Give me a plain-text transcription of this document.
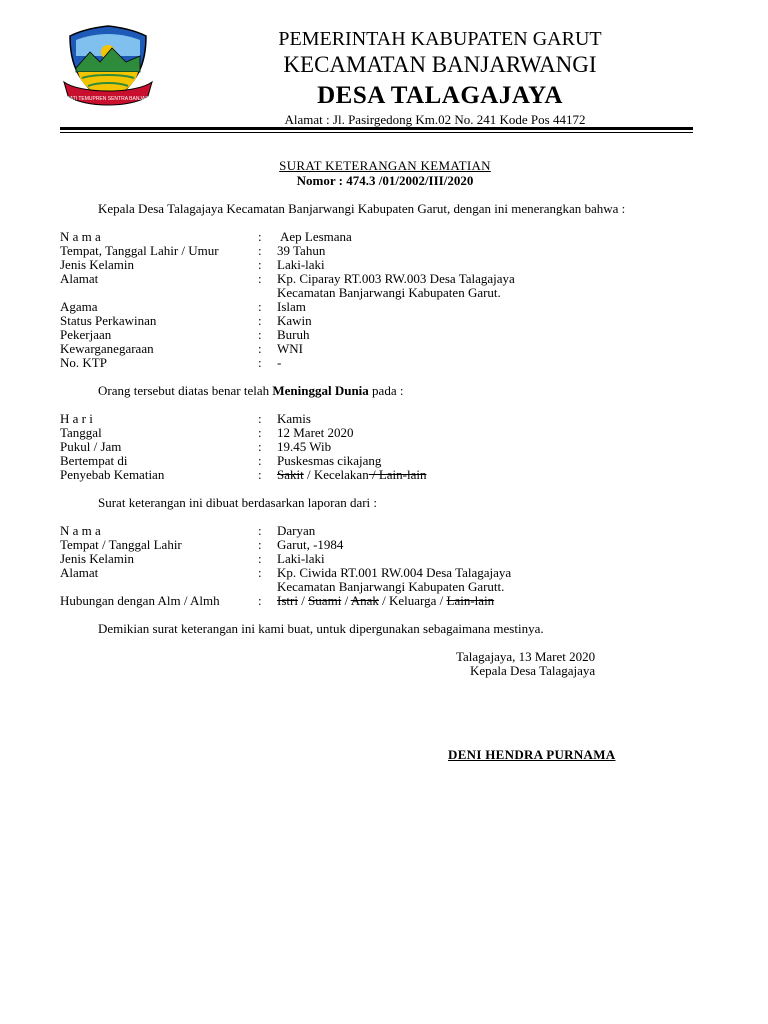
JATI TEMUPREN SENTRA BANJAR
PEMERINTAH KABUPATEN GARUT
KECAMATAN BANJARWANGI
DESA TALAGAJAYA
Alamat : Jl. Pasirgedong Km.02 No. 241 Kode Pos 44172
SURAT KETERANGAN KEMATIAN
Nomor : 474.3 /01/2002/III/2020
Kepala Desa Talagajaya Kecamatan Banjarwangi Kabupaten Garut, dengan ini menerangkan bahwa :
N a m a	: Aep Lesmana
Tempat, Tanggal Lahir / Umur	: 39 Tahun
Jenis Kelamin	: Laki-laki
Alamat	: Kp. Ciparay RT.003 RW.003 Desa Talagajaya
Kecamatan Banjarwangi Kabupaten Garut.
Agama	: Islam
Status Perkawinan	: Kawin
Pekerjaan	: Buruh
Kewarganegaraan	: WNI
No. KTP	: -
Orang tersebut diatas benar telah Meninggal Dunia pada :
H a r i	: Kamis
Tanggal	: 12 Maret 2020
Pukul / Jam	: 19.45 Wib
Bertempat di	: Puskesmas cikajang
Penyebab Kematian	: Sakit / Kecelakan / Lain-lain
Surat keterangan ini dibuat berdasarkan laporan dari :
N a m a	: Daryan
Tempat / Tanggal Lahir	: Garut, -1984
Jenis Kelamin	: Laki-laki
Alamat	: Kp. Ciwida RT.001 RW.004 Desa Talagajaya
Kecamatan Banjarwangi Kabupaten Garutt.
Hubungan dengan Alm / Almh	: Istri / Suami / Anak / Keluarga / Lain-lain
Demikian surat keterangan ini kami buat, untuk dipergunakan sebagaimana mestinya.
Talagajaya, 13 Maret 2020
Kepala Desa Talagajaya
DENI HENDRA PURNAMA
